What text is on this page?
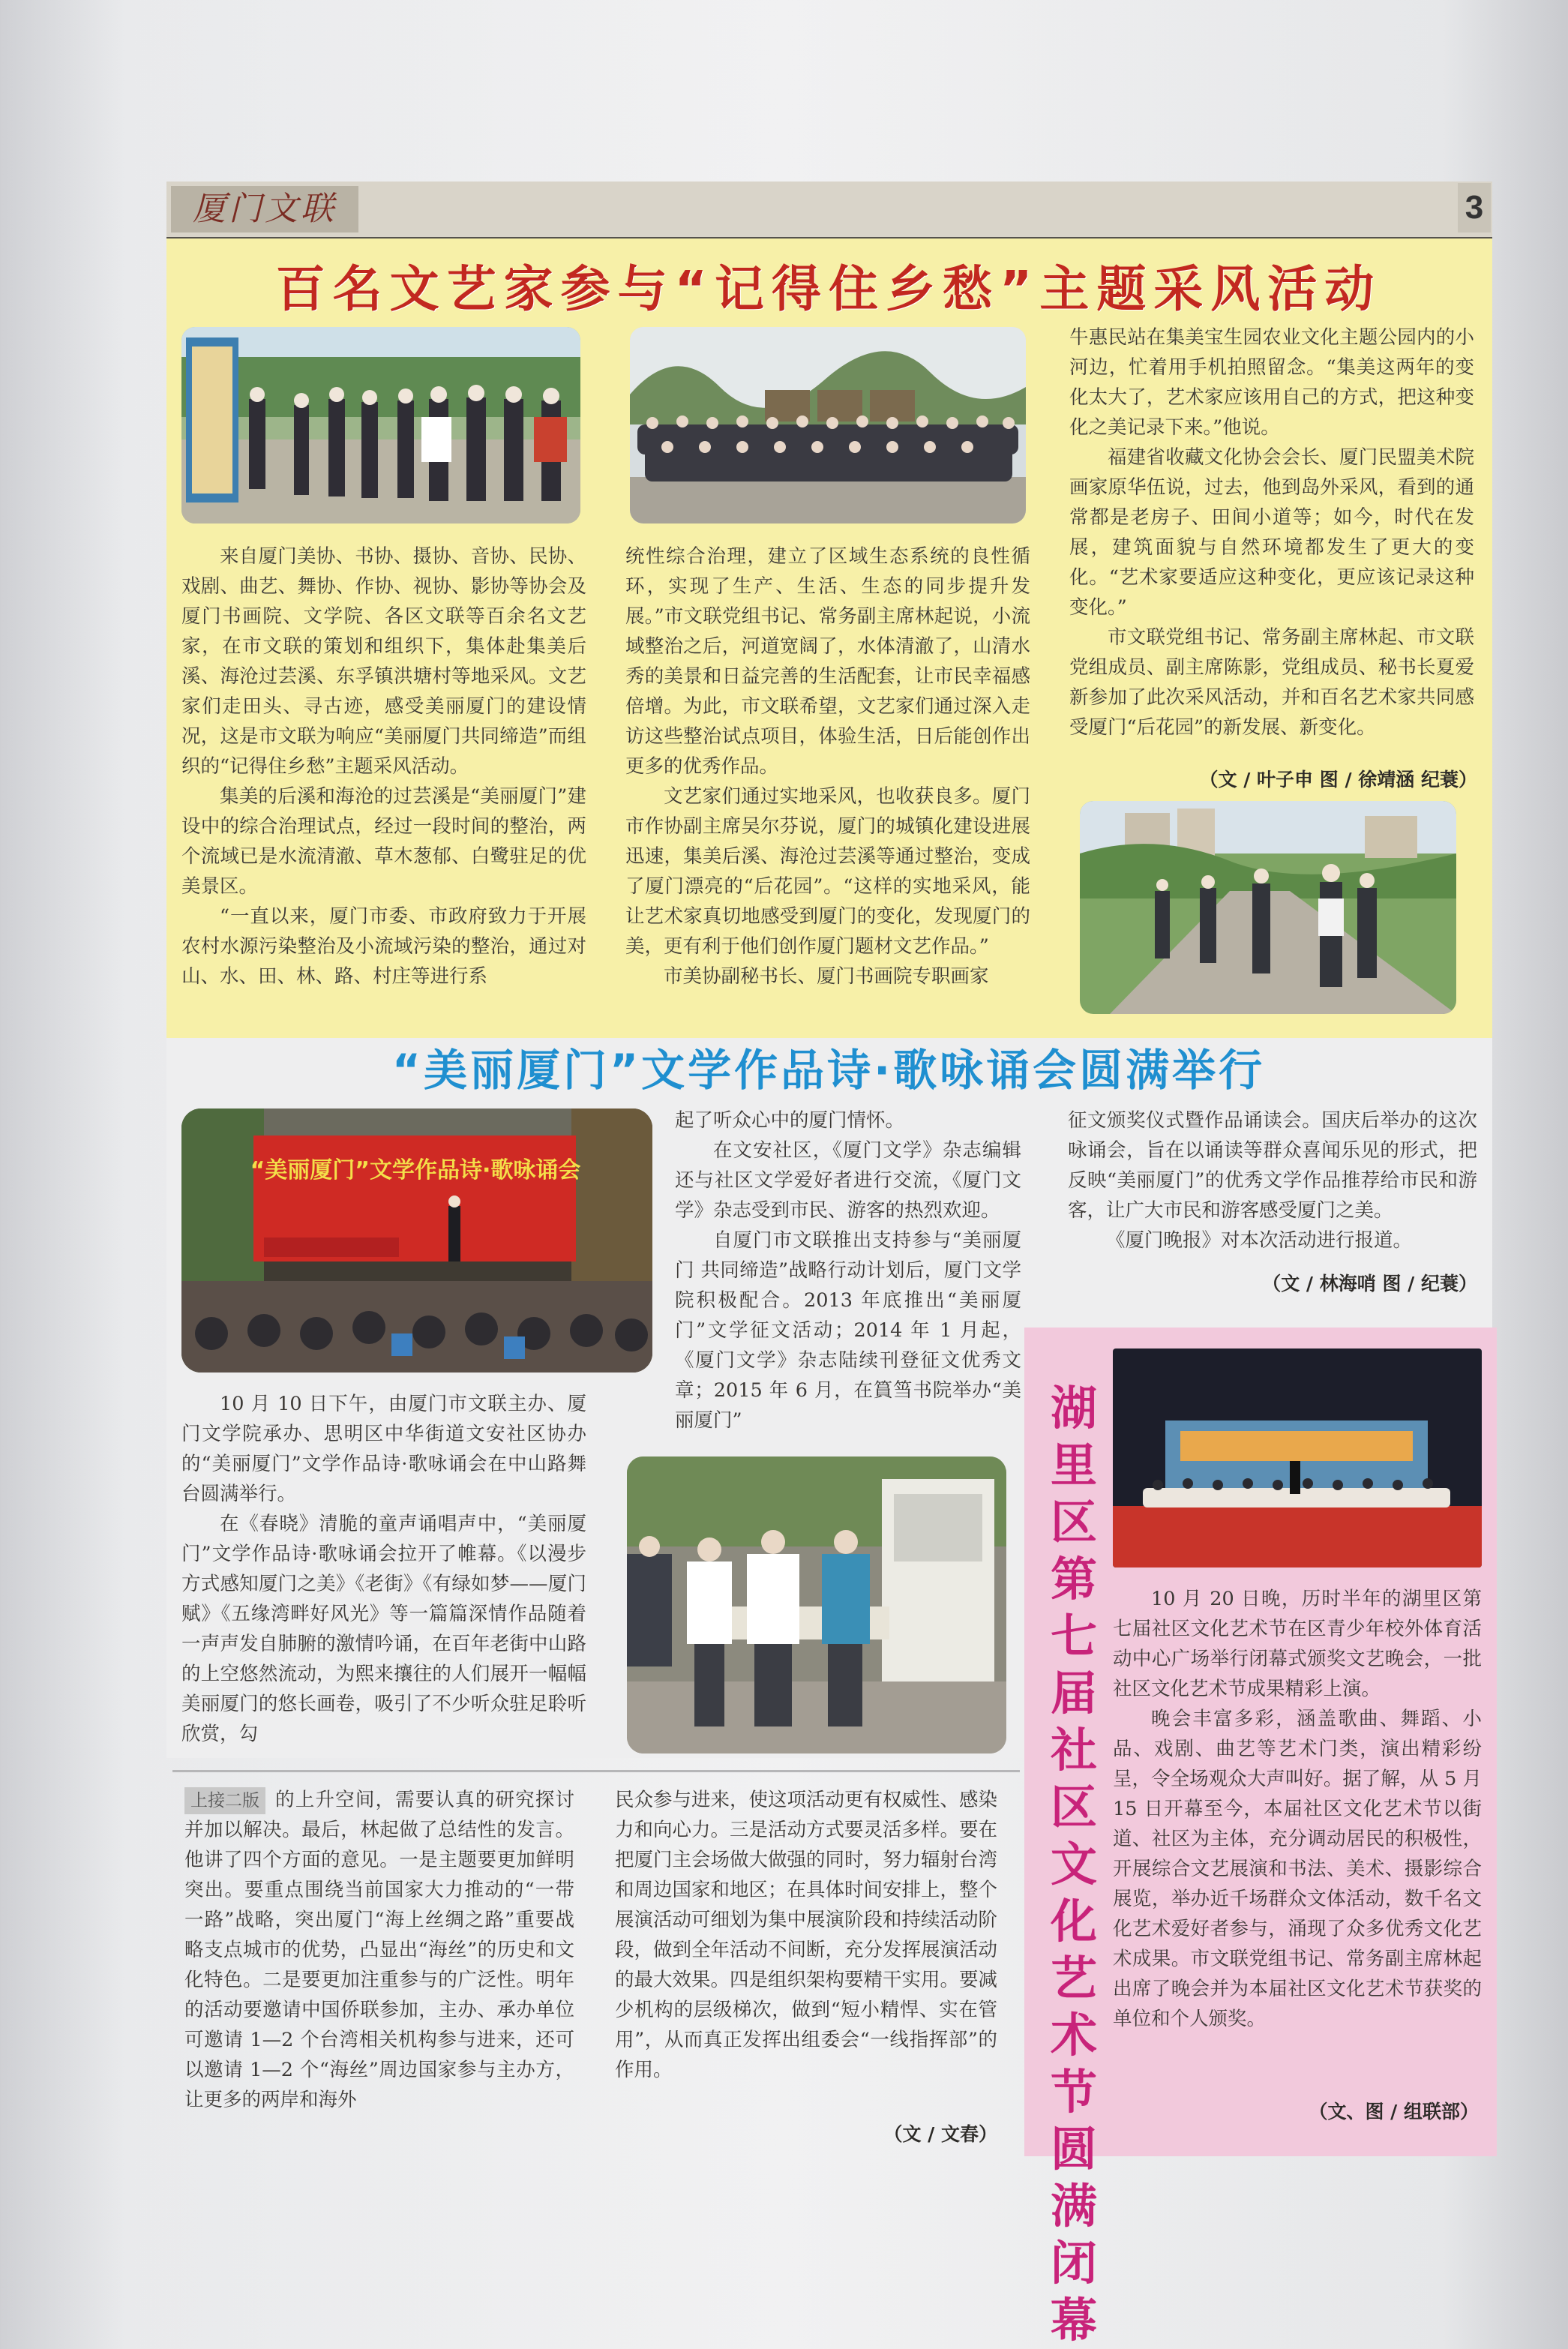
厦门文联	3
百名文艺家参与“记得住乡愁”主题采风活动

来自厦门美协、书协、摄协、音协、民协、戏剧、曲艺、舞协、作协、视协、影协等协会及厦门书画院、文学院、各区文联等百余名文艺家，在市文联的策划和组织下，集体赴集美后溪、海沧过芸溪、东孚镇洪塘村等地采风。文艺家们走田头、寻古迹，感受美丽厦门的建设情况，这是市文联为响应“美丽厦门共同缔造”而组织的“记得住乡愁”主题采风活动。

集美的后溪和海沧的过芸溪是“美丽厦门”建设中的综合治理试点，经过一段时间的整治，两个流域已是水流清澈、草木葱郁、白鹭驻足的优美景区。

“一直以来，厦门市委、市政府致力于开展农村水源污染整治及小流域污染的整治，通过对山、水、田、林、路、村庄等进行系

统性综合治理，建立了区域生态系统的良性循环，实现了生产、生活、生态的同步提升发展。”市文联党组书记、常务副主席林起说，小流域整治之后，河道宽阔了，水体清澈了，山清水秀的美景和日益完善的生活配套，让市民幸福感倍增。为此，市文联希望，文艺家们通过深入走访这些整治试点项目，体验生活，日后能创作出更多的优秀作品。

文艺家们通过实地采风，也收获良多。厦门市作协副主席吴尔芬说，厦门的城镇化建设进展迅速，集美后溪、海沧过芸溪等通过整治，变成了厦门漂亮的“后花园”。“这样的实地采风，能让艺术家真切地感受到厦门的变化，发现厦门的美，更有利于他们创作厦门题材文艺作品。”

市美协副秘书长、厦门书画院专职画家

牛惠民站在集美宝生园农业文化主题公园内的小河边，忙着用手机拍照留念。“集美这两年的变化太大了，艺术家应该用自己的方式，把这种变化之美记录下来。”他说。

福建省收藏文化协会会长、厦门民盟美术院画家原华伍说，过去，他到岛外采风，看到的通常都是老房子、田间小道等；如今，时代在发展，建筑面貌与自然环境都发生了更大的变化。“艺术家要适应这种变化，更应该记录这种变化。”

市文联党组书记、常务副主席林起、市文联党组成员、副主席陈影，党组成员、秘书长夏爱新参加了此次采风活动，并和百名艺术家共同感受厦门“后花园”的新发展、新变化。

（文 / 叶子申 图 / 徐靖涵 纪蓑）
“美丽厦门”文学作品诗·歌咏诵会圆满举行
“美丽厦门”文学作品诗·歌咏诵会

10 月 10 日下午，由厦门市文联主办、厦门文学院承办、思明区中华街道文安社区协办的“美丽厦门”文学作品诗·歌咏诵会在中山路舞台圆满举行。

在《春晓》清脆的童声诵唱声中，“美丽厦门”文学作品诗·歌咏诵会拉开了帷幕。《以漫步方式感知厦门之美》《老街》《有绿如梦——厦门赋》《五缘湾畔好风光》等一篇篇深情作品随着一声声发自肺腑的激情吟诵，在百年老街中山路的上空悠然流动，为熙来攘往的人们展开一幅幅美丽厦门的悠长画卷，吸引了不少听众驻足聆听欣赏，勾

起了听众心中的厦门情怀。

在文安社区，《厦门文学》杂志编辑还与社区文学爱好者进行交流，《厦门文学》杂志受到市民、游客的热烈欢迎。

自厦门市文联推出支持参与“美丽厦门 共同缔造”战略行动计划后，厦门文学院积极配合。2013 年底推出“美丽厦门”文学征文活动；2014 年 1 月起，《厦门文学》杂志陆续刊登征文优秀文章；2015 年 6 月，在篔筜书院举办“美丽厦门”

征文颁奖仪式暨作品诵读会。国庆后举办的这次咏诵会，旨在以诵读等群众喜闻乐见的形式，把反映“美丽厦门”的优秀文学作品推荐给市民和游客，让广大市民和游客感受厦门之美。

《厦门晚报》对本次活动进行报道。

（文 / 林海哨 图 / 纪蓑）

上接二版 的上升空间，需要认真的研究探讨并加以解决。最后，林起做了总结性的发言。他讲了四个方面的意见。一是主题要更加鲜明突出。要重点围绕当前国家大力推动的“一带一路”战略，突出厦门“海上丝绸之路”重要战略支点城市的优势，凸显出“海丝”的历史和文化特色。二是要更加注重参与的广泛性。明年的活动要邀请中国侨联参加，主办、承办单位可邀请 1—2 个台湾相关机构参与进来，还可以邀请 1—2 个“海丝”周边国家参与主办方，让更多的两岸和海外

民众参与进来，使这项活动更有权威性、感染力和向心力。三是活动方式要灵活多样。要在把厦门主会场做大做强的同时，努力辐射台湾和周边国家和地区；在具体时间安排上，整个展演活动可细划为集中展演阶段和持续活动阶段，做到全年活动不间断，充分发挥展演活动的最大效果。四是组织架构要精干实用。要减少机构的层级梯次，做到“短小精悍、实在管用”，从而真正发挥出组委会“一线指挥部”的作用。

（文 / 文春）
湖里区第七届社区文化艺术节圆满闭幕

10 月 20 日晚，历时半年的湖里区第七届社区文化艺术节在区青少年校外体育活动中心广场举行闭幕式颁奖文艺晚会，一批社区文化艺术节成果精彩上演。

晚会丰富多彩，涵盖歌曲、舞蹈、小品、戏剧、曲艺等艺术门类，演出精彩纷呈，令全场观众大声叫好。据了解，从 5 月 15 日开幕至今，本届社区文化艺术节以街道、社区为主体，充分调动居民的积极性，开展综合文艺展演和书法、美术、摄影综合展览，举办近千场群众文体活动，数千名文化艺术爱好者参与，涌现了众多优秀文化艺术成果。市文联党组书记、常务副主席林起出席了晚会并为本届社区文化艺术节获奖的单位和个人颁奖。

（文、图 / 组联部）
